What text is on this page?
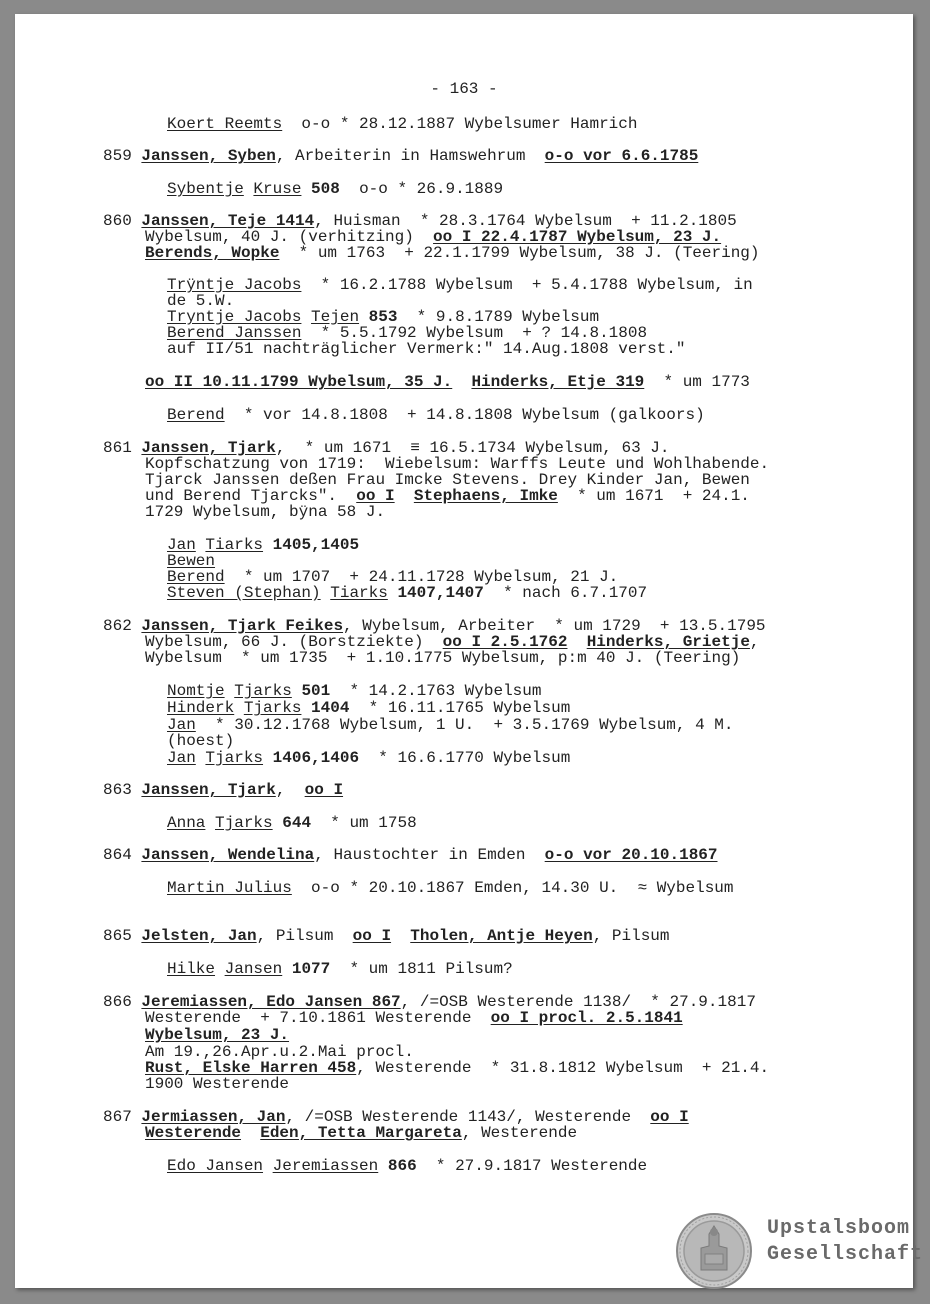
- 163 -
Koert Reemts  o-o * 28.12.1887 Wybelsumer Hamrich
859 Janssen, Syben, Arbeiterin in Hamswehrum  o-o vor 6.6.1785
Sybentje Kruse 508  o-o * 26.9.1889
860 Janssen, Teje 1414, Huisman  * 28.3.1764 Wybelsum  + 11.2.1805
Wybelsum, 40 J. (verhitzing)  oo I 22.4.1787 Wybelsum, 23 J.
Berends, Wopke  * um 1763  + 22.1.1799 Wybelsum, 38 J. (Teering)
Trÿntje Jacobs  * 16.2.1788 Wybelsum  + 5.4.1788 Wybelsum, in
de 5.W.
Tryntje Jacobs Tejen 853  * 9.8.1789 Wybelsum
Berend Janssen  * 5.5.1792 Wybelsum  + ? 14.8.1808
auf II/51 nachträglicher Vermerk:" 14.Aug.1808 verst."
oo II 10.11.1799 Wybelsum, 35 J. Hinderks, Etje 319  * um 1773
Berend  * vor 14.8.1808  + 14.8.1808 Wybelsum (galkoors)
861 Janssen, Tjark,  * um 1671  ≡ 16.5.1734 Wybelsum, 63 J.
Kopfschatzung von 1719:  Wiebelsum: Warffs Leute und Wohlhabende.
Tjarck Janssen deßen Frau Imcke Stevens. Drey Kinder Jan, Bewen
und Berend Tjarcks".  oo I Stephaens, Imke  * um 1671  + 24.1.
1729 Wybelsum, bÿna 58 J.
Jan Tiarks 1405,1405
Bewen
Berend  * um 1707  + 24.11.1728 Wybelsum, 21 J.
Steven (Stephan) Tiarks 1407,1407  * nach 6.7.1707
862 Janssen, Tjark Feikes, Wybelsum, Arbeiter  * um 1729  + 13.5.1795
Wybelsum, 66 J. (Borstziekte)  oo I 2.5.1762 Hinderks, Grietje,
Wybelsum  * um 1735  + 1.10.1775 Wybelsum, p:m 40 J. (Teering)
Nomtje Tjarks 501  * 14.2.1763 Wybelsum
Hinderk Tjarks 1404  * 16.11.1765 Wybelsum
Jan  * 30.12.1768 Wybelsum, 1 U.  + 3.5.1769 Wybelsum, 4 M.
(hoest)
Jan Tjarks 1406,1406  * 16.6.1770 Wybelsum
863 Janssen, Tjark,  oo I
Anna Tjarks 644  * um 1758
864 Janssen, Wendelina, Haustochter in Emden  o-o vor 20.10.1867
Martin Julius  o-o * 20.10.1867 Emden, 14.30 U.  ≈ Wybelsum
865 Jelsten, Jan, Pilsum  oo I Tholen, Antje Heyen, Pilsum
Hilke Jansen 1077  * um 1811 Pilsum?
866 Jeremiassen, Edo Jansen 867, /=OSB Westerende 1138/  * 27.9.1817
Westerende  + 7.10.1861 Westerende  oo I procl. 2.5.1841
Wybelsum, 23 J.
Am 19.,26.Apr.u.2.Mai procl.
Rust, Elske Harren 458, Westerende  * 31.8.1812 Wybelsum  + 21.4.
1900 Westerende
867 Jermiassen, Jan, /=OSB Westerende 1143/, Westerende  oo I
Westerende Eden, Tetta Margareta, Westerende
Edo Jansen Jeremiassen 866  * 27.9.1817 Westerende
Upstalsboom
Gesellschaft
